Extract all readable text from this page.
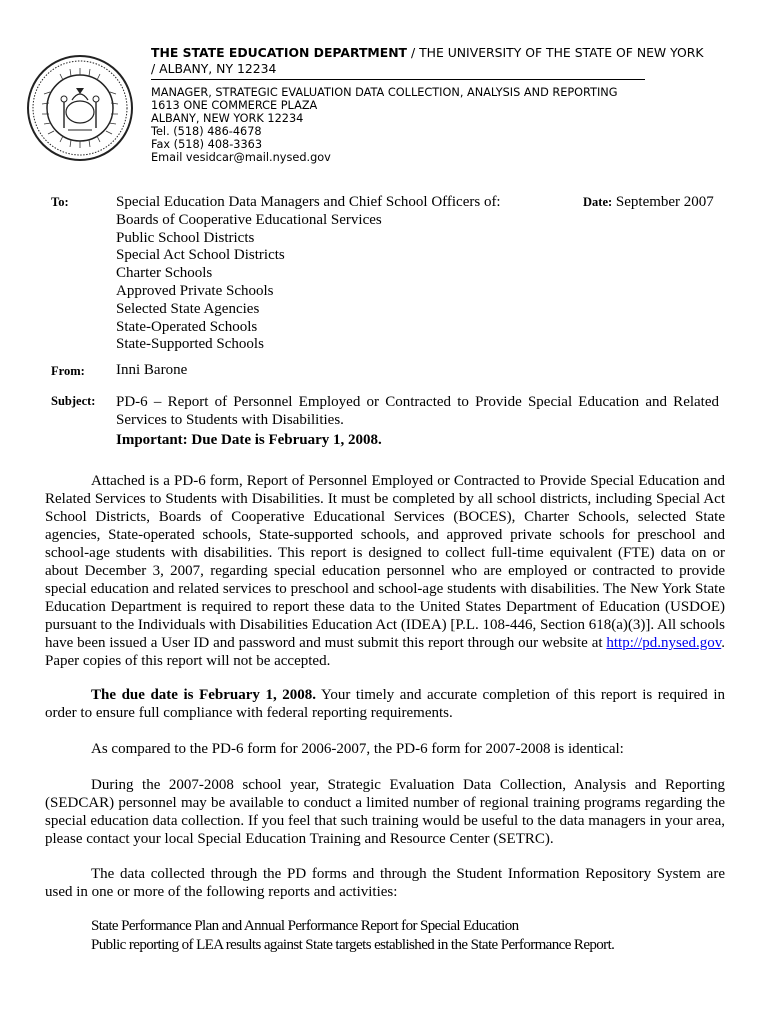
THE STATE EDUCATION DEPARTMENT / THE UNIVERSITY OF THE STATE OF NEW YORK
/ ALBANY, NY 12234
MANAGER, STRATEGIC EVALUATION DATA COLLECTION, ANALYSIS AND REPORTING
1613 ONE COMMERCE PLAZA
ALBANY, NEW YORK 12234
Tel. (518) 486-4678
Fax (518) 408-3363
Email vesidcar@mail.nysed.gov
To:	Special Education Data Managers and Chief School Officers of:
Boards of Cooperative Educational Services
Public School Districts
Special Act School Districts
Charter Schools
Approved Private Schools
Selected State Agencies
State-Operated Schools
State-Supported Schools
Date: September 2007
From: Inni Barone
Subject: PD-6 – Report of Personnel Employed or Contracted to Provide Special Education and Related Services to Students with Disabilities.
Important: Due Date is February 1, 2008.

Attached is a PD-6 form, Report of Personnel Employed or Contracted to Provide Special Education and Related Services to Students with Disabilities. It must be completed by all school districts, including Special Act School Districts, Boards of Cooperative Educational Services (BOCES), Charter Schools, selected State agencies, State-operated schools, State-supported schools, and approved private schools for preschool and school-age students with disabilities. This report is designed to collect full-time equivalent (FTE) data on or about December 3, 2007, regarding special education personnel who are employed or contracted to provide special education and related services to preschool and school-age students with disabilities. The New York State Education Department is required to report these data to the United States Department of Education (USDOE) pursuant to the Individuals with Disabilities Education Act (IDEA) [P.L. 108-446, Section 618(a)(3)]. All schools have been issued a User ID and password and must submit this report through our website at http://pd.nysed.gov. Paper copies of this report will not be accepted.

The due date is February 1, 2008. Your timely and accurate completion of this report is required in order to ensure full compliance with federal reporting requirements.

As compared to the PD-6 form for 2006-2007, the PD-6 form for 2007-2008 is identical:

During the 2007-2008 school year, Strategic Evaluation Data Collection, Analysis and Reporting (SEDCAR) personnel may be available to conduct a limited number of regional training programs regarding the special education data collection. If you feel that such training would be useful to the data managers in your area, please contact your local Special Education Training and Resource Center (SETRC).

The data collected through the PD forms and through the Student Information Repository System are used in one or more of the following reports and activities:

State Performance Plan and Annual Performance Report for Special Education
Public reporting of LEA results against State targets established in the State Performance Report.
